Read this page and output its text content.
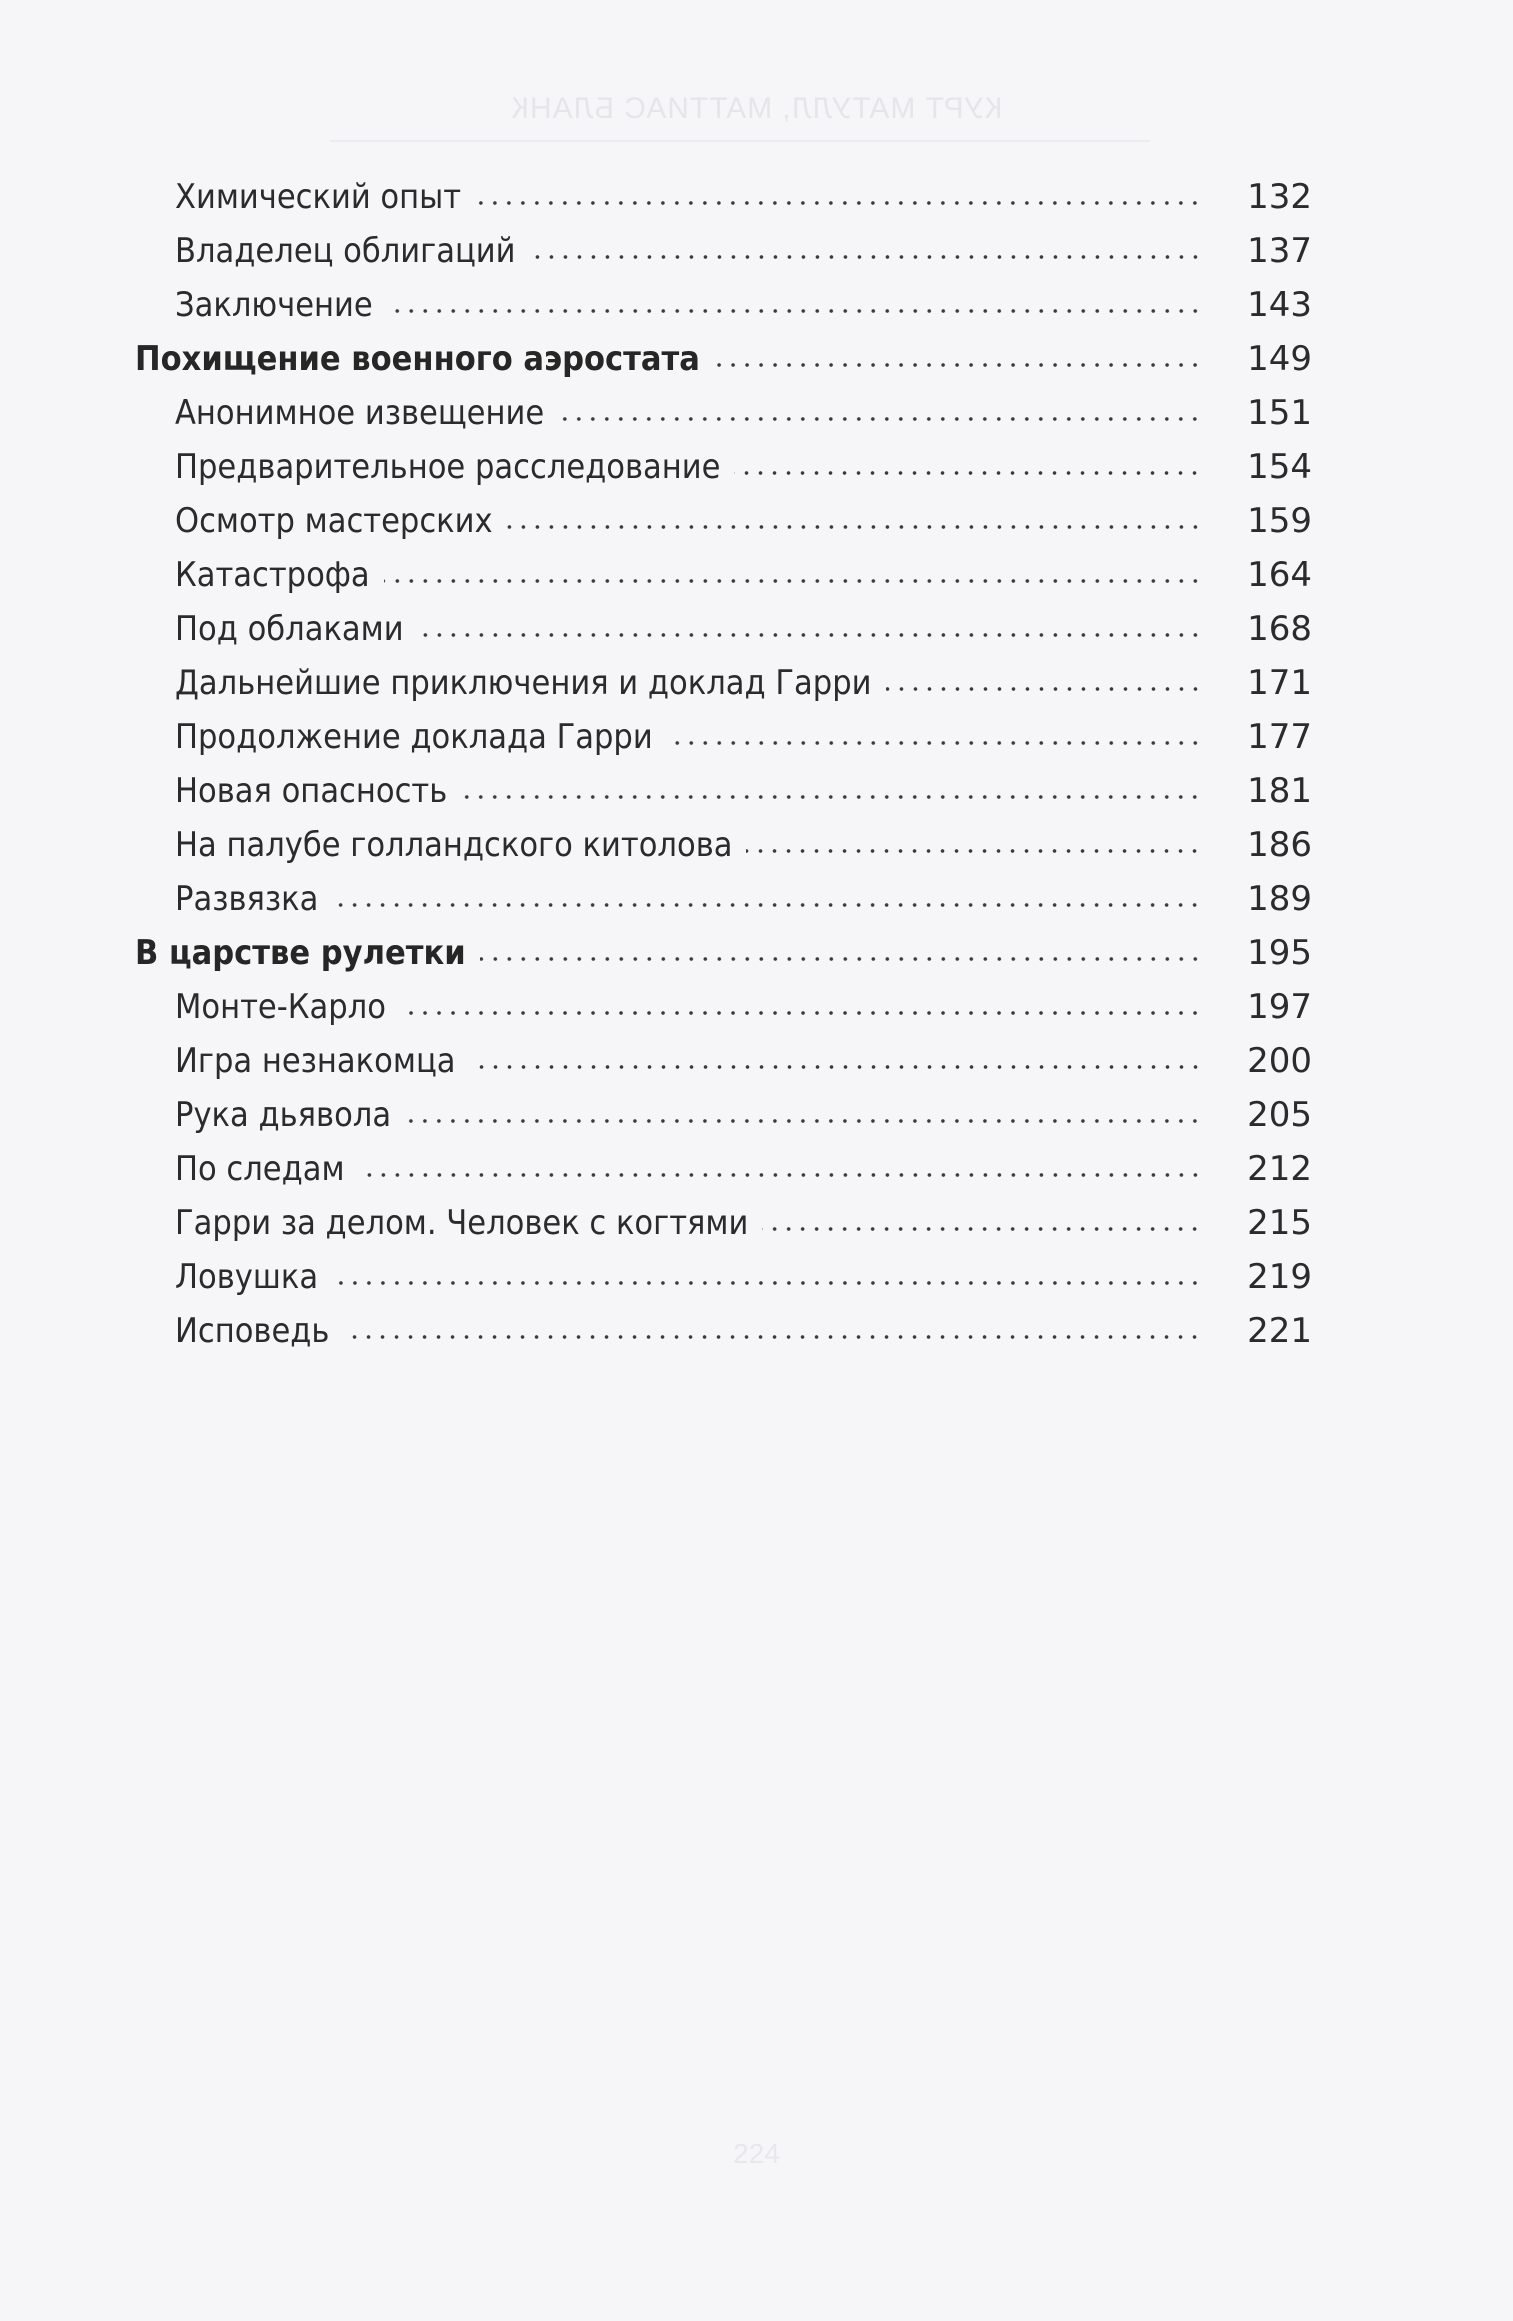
КУРТ МАТУЛЛ, МАТТИАС БЛАНК
224
Химический опыт	132
Владелец облигаций	137
Заключение	143
Похищение военного аэростата	149
Анонимное извещение	151
Предварительное расследование	154
Осмотр мастерских	159
Катастрофа	164
Под облаками	168
Дальнейшие приключения и доклад Гарри	171
Продолжение доклада Гарри	177
Новая опасность	181
На палубе голландского китолова	186
Развязка	189
В царстве рулетки	195
Монте-Карло	197
Игра незнакомца	200
Рука дьявола	205
По следам	212
Гарри за делом. Человек с когтями	215
Ловушка	219
Исповедь	221
